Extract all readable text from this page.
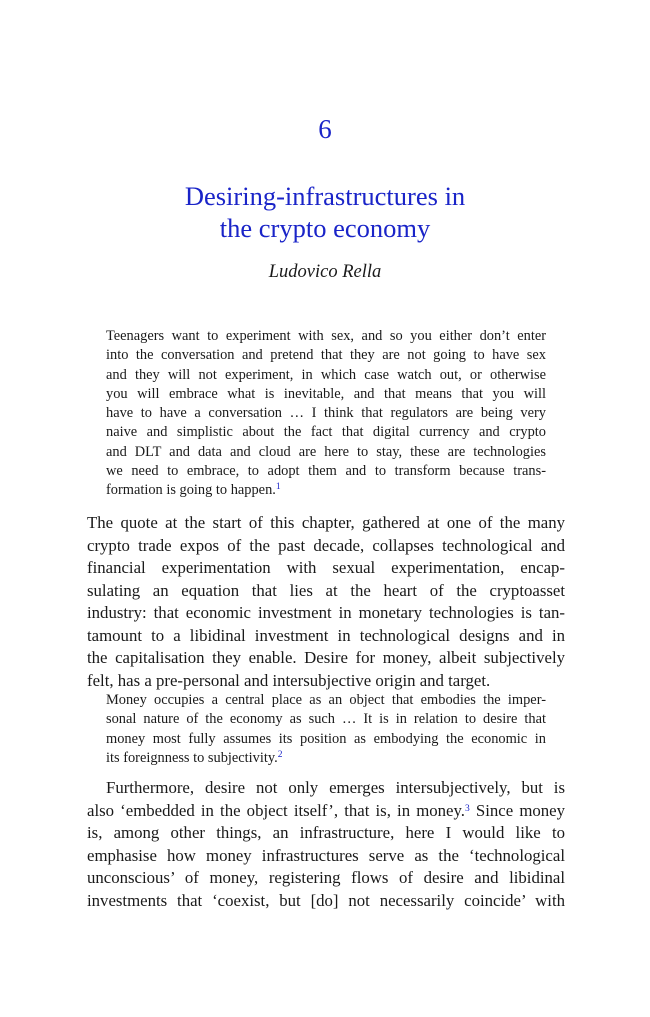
6
Desiring-infrastructures in
the crypto economy
Ludovico Rella
Teenagers want to experiment with sex, and so you either don’t enter
into the conversation and pretend that they are not going to have sex
and they will not experiment, in which case watch out, or otherwise
you will embrace what is inevitable, and that means that you will
have to have a conversation … I think that regulators are being very
naive and simplistic about the fact that digital currency and crypto
and DLT and data and cloud are here to stay, these are technologies
we need to embrace, to adopt them and to transform because trans-
formation is going to happen.$^1$
The quote at the start of this chapter, gathered at one of the many
crypto trade expos of the past decade, collapses technological and
financial experimentation with sexual experimentation, encap-
sulating an equation that lies at the heart of the cryptoasset
industry: that economic investment in monetary technologies is tan-
tamount to a libidinal investment in technological designs and in
the capitalisation they enable. Desire for money, albeit subjectively
felt, has a pre-personal and intersubjective origin and target.
Money occupies a central place as an object that embodies the imper-
sonal nature of the economy as such … It is in relation to desire that
money most fully assumes its position as embodying the economic in
its foreignness to subjectivity.$^2$
Furthermore, desire not only emerges intersubjectively, but is
also ‘embedded in the object itself’, that is, in money.$^3$ Since money
is, among other things, an infrastructure, here I would like to
emphasise how money infrastructures serve as the ‘technological
unconscious’ of money, registering flows of desire and libidinal
investments that ‘coexist, but [do] not necessarily coincide’ with
